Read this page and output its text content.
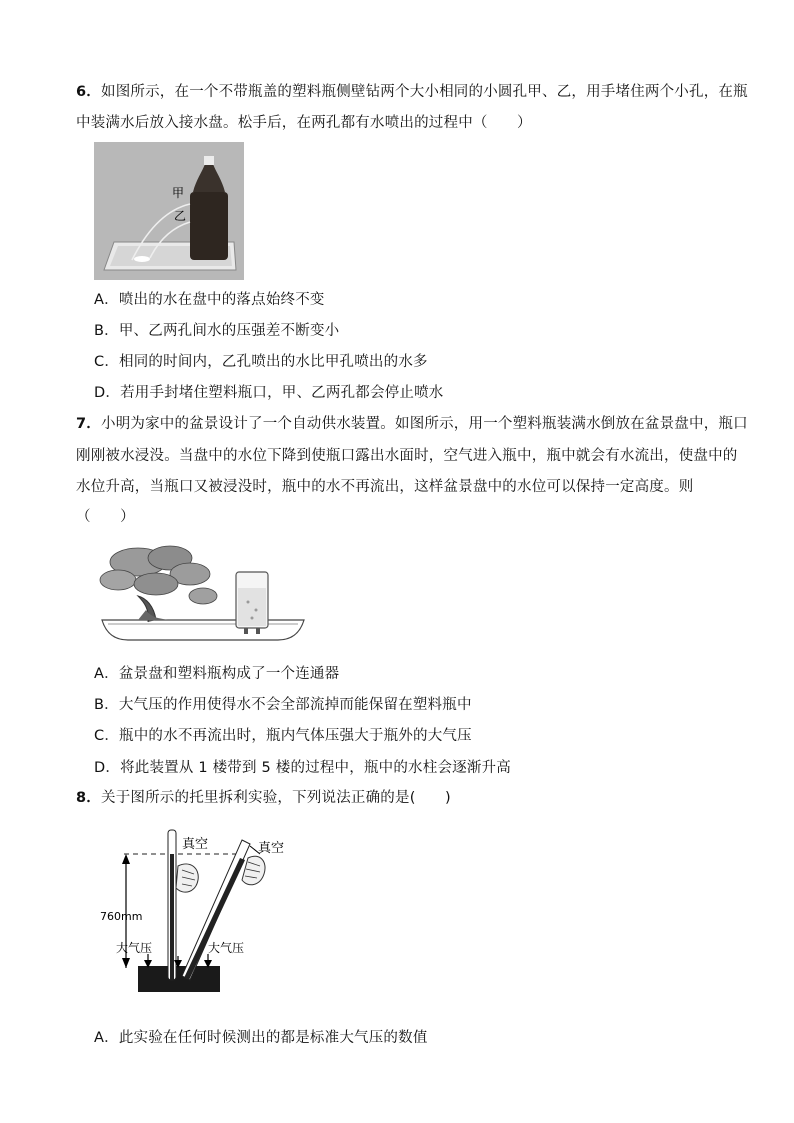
6．如图所示，在一个不带瓶盖的塑料瓶侧壁钻两个大小相同的小圆孔甲、乙，用手堵住两个小孔，在瓶
中装满水后放入接水盘。松手后，在两孔都有水喷出的过程中（　　）
甲
乙
A．喷出的水在盘中的落点始终不变
B．甲、乙两孔间水的压强差不断变小
C．相同的时间内，乙孔喷出的水比甲孔喷出的水多
D．若用手封堵住塑料瓶口，甲、乙两孔都会停止喷水
7．小明为家中的盆景设计了一个自动供水装置。如图所示，用一个塑料瓶装满水倒放在盆景盘中，瓶口
刚刚被水浸没。当盘中的水位下降到使瓶口露出水面时，空气进入瓶中，瓶中就会有水流出，使盘中的
水位升高，当瓶口又被浸没时，瓶中的水不再流出，这样盆景盘中的水位可以保持一定高度。则
（　　）
A．盆景盘和塑料瓶构成了一个连通器
B．大气压的作用使得水不会全部流掉而能保留在塑料瓶中
C．瓶中的水不再流出时，瓶内气体压强大于瓶外的大气压
D．将此装置从 1 楼带到 5 楼的过程中，瓶中的水柱会逐渐升高
8．关于图所示的托里拆利实验，下列说法正确的是(　　)
760mm
真空	真空
大气压	大气压
A．此实验在任何时候测出的都是标准大气压的数值
